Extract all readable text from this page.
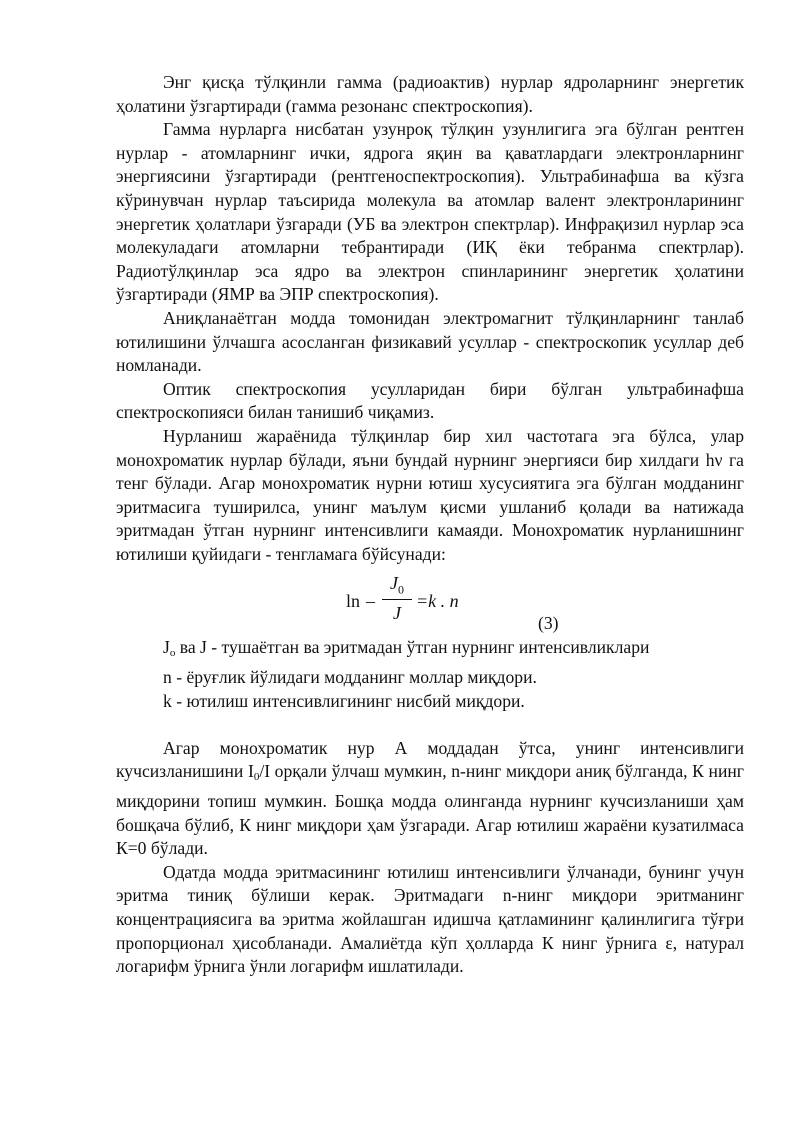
Энг қисқа тўлқинли гамма (радиоактив) нурлар ядроларнинг энергетик ҳолатини ўзгартиради (гамма резонанс спектроскопия).

Гамма нурларга нисбатан узунроқ тўлқин узунлигига эга бўлган рентген нурлар - атомларнинг ички, ядрога яқин ва қаватлардаги электронларнинг энергиясини ўзгартиради (рентгеноспектроскопия). Ультрабинафша ва кўзга кўринувчан нурлар таъсирида молекула ва атомлар валент электронларининг энергетик ҳолатлари ўзгаради (УБ ва электрон спектрлар). Инфрақизил нурлар эса молекуладаги атомларни тебрантиради (ИҚ ёки тебранма спектрлар). Радиотўлқинлар эса ядро ва электрон спинларининг энергетик ҳолатини ўзгартиради (ЯМР ва ЭПР спектроскопия).

Аниқланаётган модда томонидан электромагнит тўлқинларнинг танлаб ютилишини ўлчашга асосланган физикавий усуллар - спектроскопик усуллар деб номланади.

Оптик спектроскопия усулларидан бири бўлган ультрабинафша спектроскопияси билан танишиб чиқамиз.

Нурланиш жараёнида тўлқинлар бир хил частотага эга бўлса, улар монохроматик нурлар бўлади, яъни бундай нурнинг энергияси бир хилдаги hν га тенг бўлади. Агар монохроматик нурни ютиш хусусиятига эга бўлган модданинг эритмасига туширилса, унинг маълум қисми ушланиб қолади ва натижада эритмадан ўтган нурнинг интенсивлиги камаяди. Монохроматик нурланишнинг ютилиши қуйидаги - тенгламага бўйсунади:

ln –
$J_0$
J
=k . n
(3)

$J_o$ ва J - тушаётган ва эритмадан ўтган нурнинг интенсивликлари

n - ёруғлик йўлидаги модданинг моллар миқдори.

k - ютилиш интенсивлигининг нисбий миқдори.

Агар монохроматик нур А моддадан ўтса, унинг интенсивлиги кучсизланишини $I_0/I$ орқали ўлчаш мумкин, n-нинг миқдори аниқ бўлганда, К нинг миқдорини топиш мумкин. Бошқа модда олинганда нурнинг кучсизланиши ҳам бошқача бўлиб, К нинг миқдори ҳам ўзгаради. Агар ютилиш жараёни кузатилмаса К=0 бўлади.

Одатда модда эритмасининг ютилиш интенсивлиги ўлчанади, бунинг учун эритма тиниқ бўлиши керак. Эритмадаги n-нинг миқдори эритманинг концентрациясига ва эритма жойлашган идишча қатламининг қалинлигига тўғри пропорционал ҳисобланади. Амалиётда кўп ҳолларда К нинг ўрнига ε, натурал логарифм ўрнига ўнли логарифм ишлатилади.
